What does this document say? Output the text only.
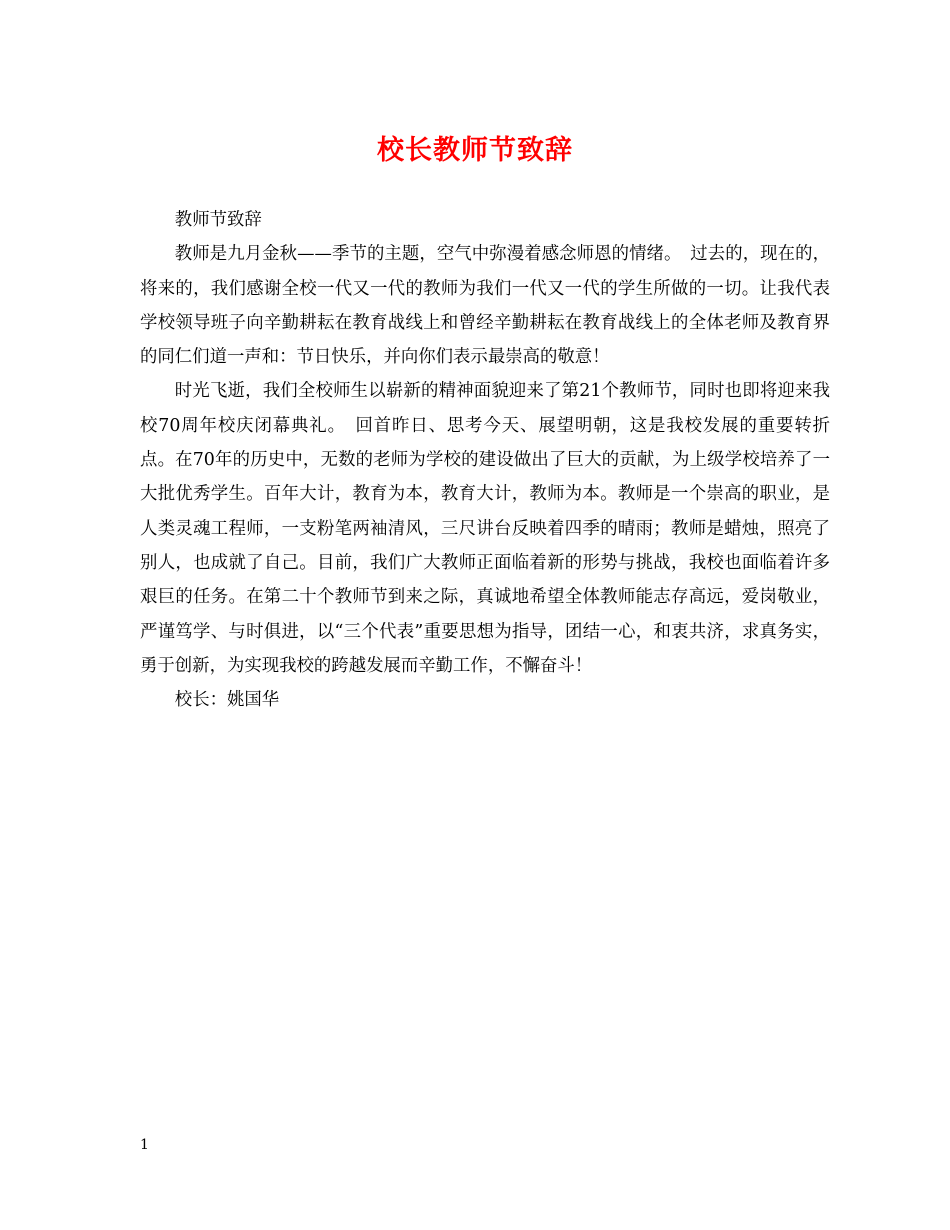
校长教师节致辞

教师节致辞

教师是九月金秋——季节的主题，空气中弥漫着感念师恩的情绪。　过去的，现在的，将来的，我们感谢全校一代又一代的教师为我们一代又一代的学生所做的一切。让我代表学校领导班子向辛勤耕耘在教育战线上和曾经辛勤耕耘在教育战线上的全体老师及教育界的同仁们道一声和：节日快乐，并向你们表示最崇高的敬意！

时光飞逝，我们全校师生以崭新的精神面貌迎来了第21个教师节，同时也即将迎来我校70周年校庆闭幕典礼。　回首昨日、思考今天、展望明朝，这是我校发展的重要转折点。在70年的历史中，无数的老师为学校的建设做出了巨大的贡献，为上级学校培养了一大批优秀学生。百年大计，教育为本，教育大计，教师为本。教师是一个崇高的职业，是人类灵魂工程师，一支粉笔两袖清风，三尺讲台反映着四季的晴雨；教师是蜡烛，照亮了别人，也成就了自己。目前，我们广大教师正面临着新的形势与挑战，我校也面临着许多艰巨的任务。在第二十个教师节到来之际，真诚地希望全体教师能志存高远，爱岗敬业，严谨笃学、与时俱进，以“三个代表”重要思想为指导，团结一心，和衷共济，求真务实，勇于创新，为实现我校的跨越发展而辛勤工作，不懈奋斗！

校长：姚国华

1
